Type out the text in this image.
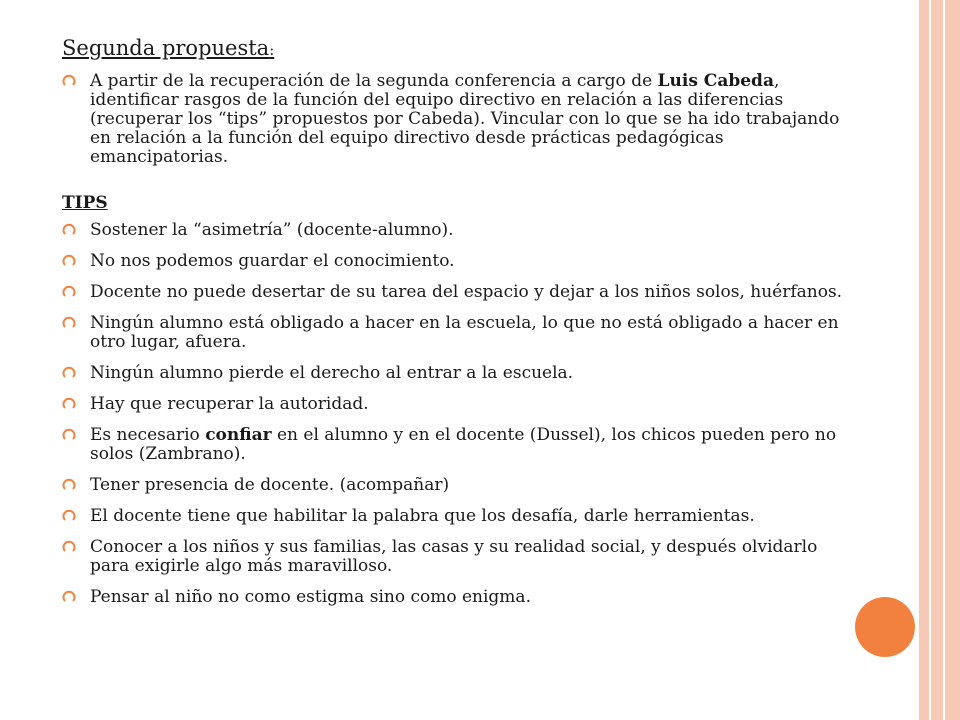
Segunda propuesta:
A partir de la recuperación de la segunda conferencia a cargo de Luis Cabeda, identificar rasgos de la función del equipo directivo en relación a las diferencias (recuperar los “tips” propuestos por Cabeda). Vincular con lo que se ha ido trabajando en relación a la función del equipo directivo desde prácticas pedagógicas emancipatorias.
TIPS
Sostener la “asimetría” (docente-alumno).
No nos podemos guardar el conocimiento.
Docente no puede desertar de su tarea del espacio y dejar a los niños solos, huérfanos.
Ningún alumno está obligado a hacer en la escuela, lo que no está obligado a hacer en otro lugar, afuera.
Ningún alumno pierde el derecho al entrar a la escuela.
Hay que recuperar la autoridad.
Es necesario confiar en el alumno y en el docente (Dussel), los chicos pueden pero no solos (Zambrano).
Tener presencia de docente. (acompañar)
El docente tiene que habilitar la palabra que los desafía, darle herramientas.
Conocer a los niños y sus familias, las casas y su realidad social, y después olvidarlo para exigirle algo más maravilloso.
Pensar al niño no como estigma sino como enigma.
